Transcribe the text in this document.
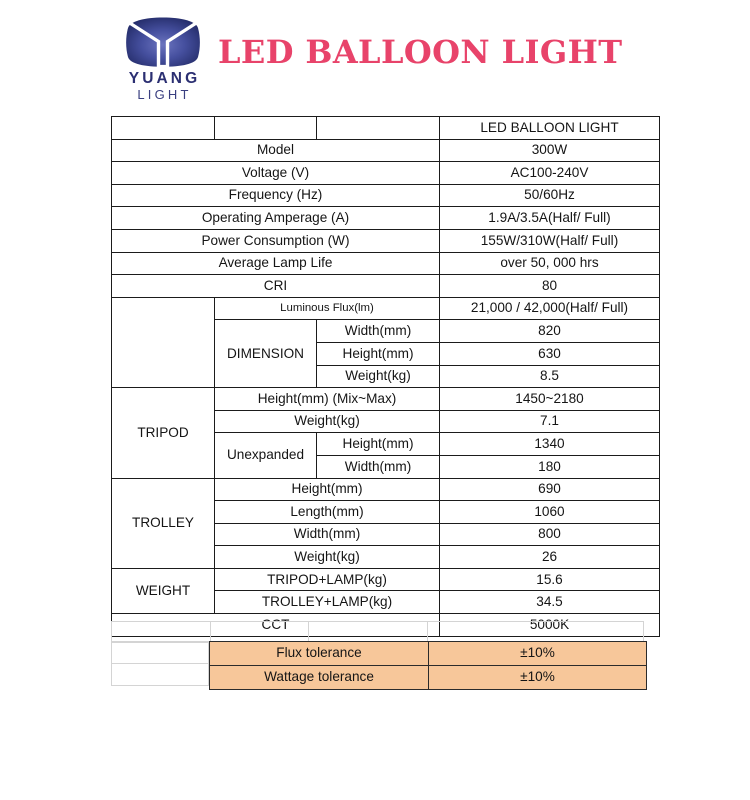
YUANG
LIGHT
LED BALLOON LIGHT
			LED BALLOON LIGHT
Model			300W
Voltage (V)			AC100-240V
Frequency (Hz)			50/60Hz
Operating Amperage (A)			1.9A/3.5A(Half/ Full)
Power Consumption (W)			155W/310W(Half/ Full)
Average Lamp Life			over 50, 000 hrs
CRI			80
	Luminous Flux(lm)		21,000 / 42,000(Half/ Full)
	DIMENSION	Width(mm)	820
		Height(mm)	630
		Weight(kg)	8.5
TRIPOD	Height(mm) (Mix~Max)		1450~2180
	Weight(kg)		7.1
	Unexpanded	Height(mm)	1340
		Width(mm)	180
TROLLEY	Height(mm)		690
	Length(mm)		1060
	Width(mm)		800
	Weight(kg)		26
WEIGHT	TRIPOD+LAMP(kg)		15.6
	TROLLEY+LAMP(kg)		34.5
CCT			5000K

Flux tolerance	±10%
Wattage tolerance	±10%
